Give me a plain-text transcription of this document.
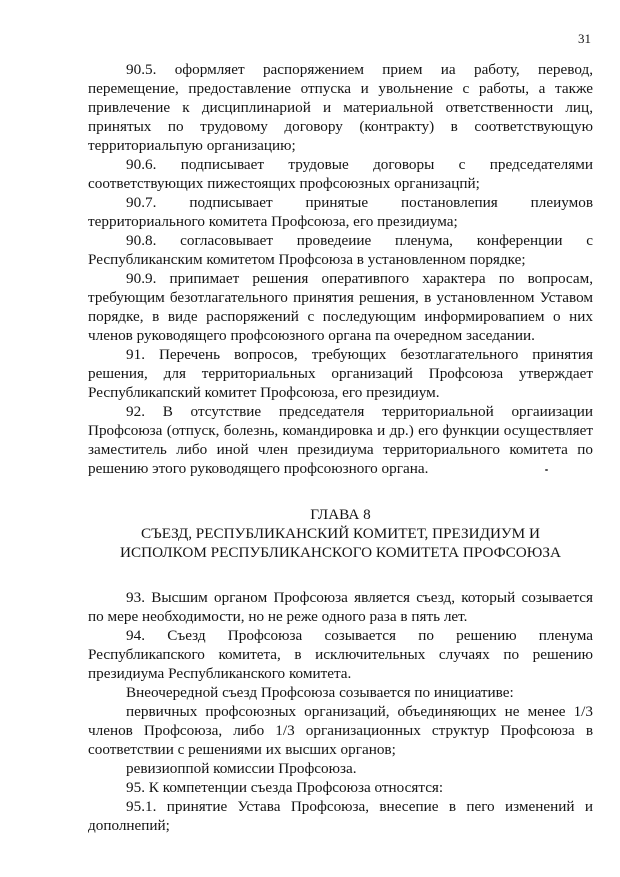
31

90.5. оформляет распоряжением прием иа работу, перевод, перемещение, предоставление отпуска и увольнение с работы, а также привлечение к дисциплинариой и материальной ответственности лиц, принятых по трудовому договору (контракту) в соответствующую территориальпую организацию;

90.6. подписывает трудовые договоры с председателями соответствующих пижестоящих профсоюзных организацпй;

90.7. подписывает принятые постановлепия плеиумов территориального комитета Профсоюза, его президиума;

90.8. согласовывает проведеиие пленума, конференции с Республиканским комитетом Профсоюза в установленном порядке;

90.9. припимает решения оперативпого характера по вопросам, требующим безотлагательного принятия решения, в установленном Уставом порядке, в виде распоряжений с последующим информировапием о них членов руководящего профсоюзного органа па очередном заседании.

91. Перечень вопросов, требующих безотлагательного принятия решения, для территориальных организаций Профсоюза утверждает Республикапский комитет Профсоюза, его президиум.

92. В отсутствие председателя территориальной оргаиизации Профсоюза (отпуск, болезнь, командировка и др.) его функции осуществляет заместитель либо иной член президиума территориального комитета по решению этого руководящего профсоюзного органа.

ГЛАВА 8
СЪЕЗД, РЕСПУБЛИКАНСКИЙ КОМИТЕТ, ПРЕЗИДИУМ И
ИСПОЛКОМ РЕСПУБЛИКАНСКОГО КОМИТЕТА ПРОФСОЮЗА

93. Высшим органом Профсоюза является съезд, который созывается по мере необходимости, но не реже одного раза в пять лет.

94. Съезд Профсоюза созывается по решению пленума Республикапского комитета, в исключительных случаях по решению президиума Республиканского комитета.

Внеочередной съезд Профсоюза созывается по инициативе:

первичных профсоюзных организаций, объединяющих не менее 1/3 членов Профсоюза, либо 1/3 организационных структур Профсоюза в соответствии с решениями их высших органов;

ревизиоппой комиссии Профсоюза.

95. К компетенции съезда Профсоюза относятся:

95.1. принятие Устава Профсоюза, внесепие в пего изменений и дополнепий;
